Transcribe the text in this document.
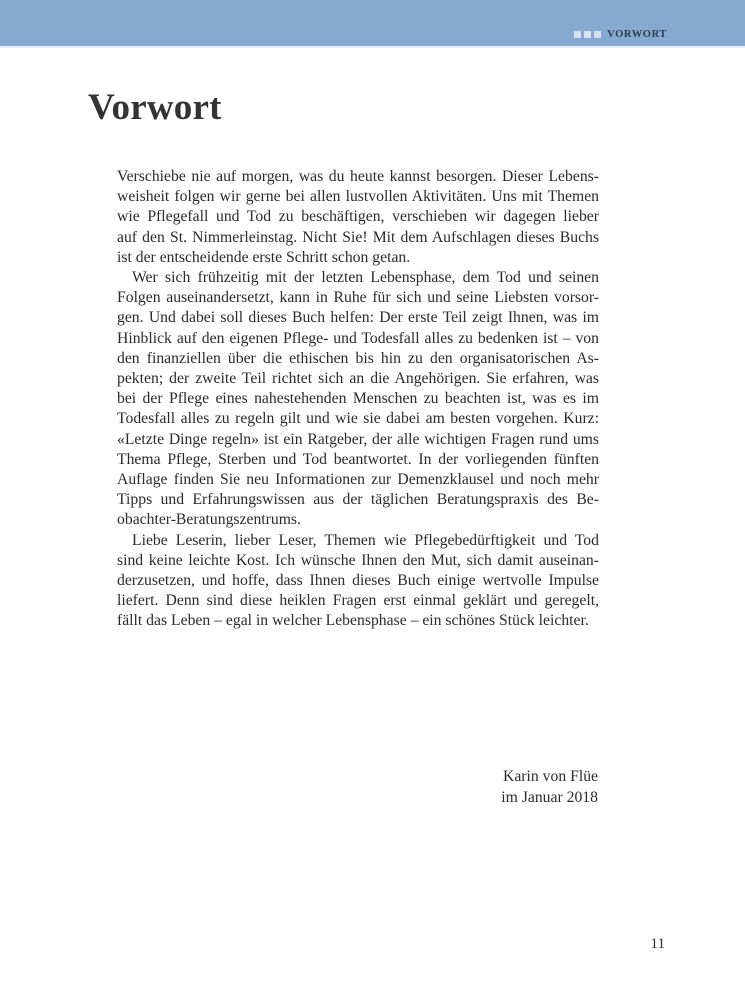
VORWORT
Vorwort

Verschiebe nie auf morgen, was du heute kannst besorgen. Dieser Lebens-
weisheit folgen wir gerne bei allen lustvollen Aktivitäten. Uns mit Themen
wie Pflegefall und Tod zu beschäftigen, verschieben wir dagegen lieber
auf den St. Nimmerleinstag. Nicht Sie! Mit dem Aufschlagen dieses Buchs
ist der entscheidende erste Schritt schon getan.

Wer sich frühzeitig mit der letzten Lebensphase, dem Tod und seinen
Folgen auseinandersetzt, kann in Ruhe für sich und seine Liebsten vorsor-
gen. Und dabei soll dieses Buch helfen: Der erste Teil zeigt Ihnen, was im
Hinblick auf den eigenen Pflege- und Todesfall alles zu bedenken ist – von
den finanziellen über die ethischen bis hin zu den organisatorischen As-
pekten; der zweite Teil richtet sich an die Angehörigen. Sie erfahren, was
bei der Pflege eines nahestehenden Menschen zu beachten ist, was es im
Todesfall alles zu regeln gilt und wie sie dabei am besten vorgehen. Kurz:
«Letzte Dinge regeln» ist ein Ratgeber, der alle wichtigen Fragen rund ums
Thema Pflege, Sterben und Tod beantwortet. In der vorliegenden fünften
Auflage finden Sie neu Informationen zur Demenzklausel und noch mehr
Tipps und Erfahrungswissen aus der täglichen Beratungspraxis des Be-
obachter-Beratungszentrums.

Liebe Leserin, lieber Leser, Themen wie Pflegebedürftigkeit und Tod
sind keine leichte Kost. Ich wünsche Ihnen den Mut, sich damit auseinan-
derzusetzen, und hoffe, dass Ihnen dieses Buch einige wertvolle Impulse
liefert. Denn sind diese heiklen Fragen erst einmal geklärt und geregelt,
fällt das Leben – egal in welcher Lebensphase – ein schönes Stück leichter.

Karin von Flüe
im Januar 2018
11
